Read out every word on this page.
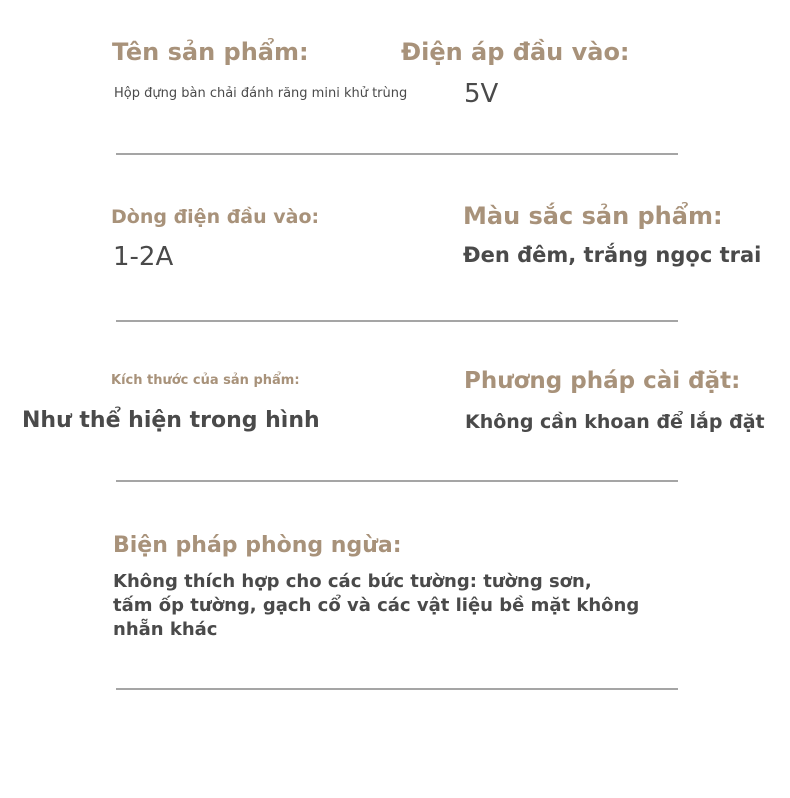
Tên sản phẩm:
Hộp đựng bàn chải đánh răng mini khử trùng
Điện áp đầu vào:
5V
Dòng điện đầu vào:
1-2A
Màu sắc sản phẩm:
Đen đêm, trắng ngọc trai
Kích thước của sản phẩm:
Như thể hiện trong hình
Phương pháp cài đặt:
Không cần khoan để lắp đặt
Biện pháp phòng ngừa:
Không thích hợp cho các bức tường: tường sơn,
tấm ốp tường, gạch cổ và các vật liệu bề mặt không
nhẵn khác
